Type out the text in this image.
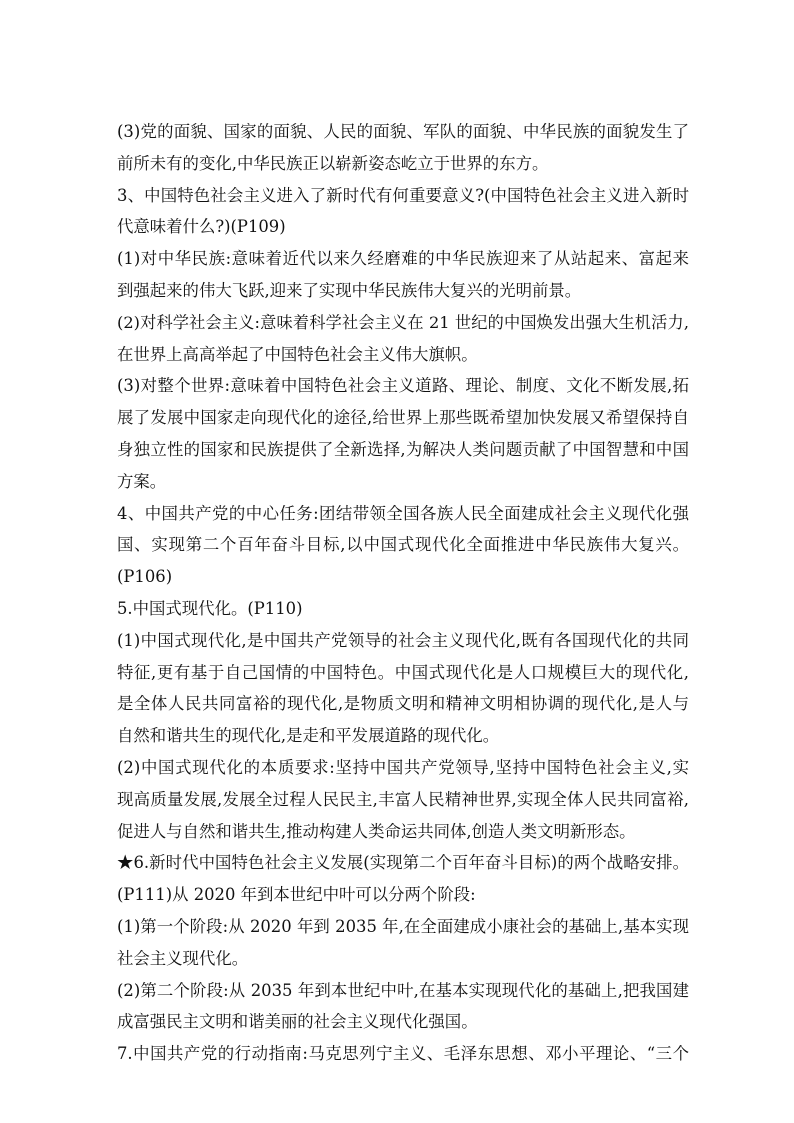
(3)党的面貌、国家的面貌、人民的面貌、军队的面貌、中华民族的面貌发生了
前所未有的变化,中华民族正以崭新姿态屹立于世界的东方。
3、中国特色社会主义进入了新时代有何重要意义?(中国特色社会主义进入新时
代意味着什么?)(P109)
(1)对中华民族:意味着近代以来久经磨难的中华民族迎来了从站起来、富起来
到强起来的伟大飞跃,迎来了实现中华民族伟大复兴的光明前景。
(2)对科学社会主义:意味着科学社会主义在 21 世纪的中国焕发出强大生机活力,
在世界上高高举起了中国特色社会主义伟大旗帜。
(3)对整个世界:意味着中国特色社会主义道路、理论、制度、文化不断发展,拓
展了发展中国家走向现代化的途径,给世界上那些既希望加快发展又希望保持自
身独立性的国家和民族提供了全新选择,为解决人类问题贡献了中国智慧和中国
方案。
4、中国共产党的中心任务:团结带领全国各族人民全面建成社会主义现代化强
国、实现第二个百年奋斗目标,以中国式现代化全面推进中华民族伟大复兴。
(P106)
5.中国式现代化。(P110)
(1)中国式现代化,是中国共产党领导的社会主义现代化,既有各国现代化的共同
特征,更有基于自己国情的中国特色。中国式现代化是人口规模巨大的现代化,
是全体人民共同富裕的现代化,是物质文明和精神文明相协调的现代化,是人与
自然和谐共生的现代化,是走和平发展道路的现代化。
(2)中国式现代化的本质要求:坚持中国共产党领导,坚持中国特色社会主义,实
现高质量发展,发展全过程人民民主,丰富人民精神世界,实现全体人民共同富裕,
促进人与自然和谐共生,推动构建人类命运共同体,创造人类文明新形态。
★6.新时代中国特色社会主义发展(实现第二个百年奋斗目标)的两个战略安排。
(P111)从 2020 年到本世纪中叶可以分两个阶段:
(1)第一个阶段:从 2020 年到 2035 年,在全面建成小康社会的基础上,基本实现
社会主义现代化。
(2)第二个阶段:从 2035 年到本世纪中叶,在基本实现现代化的基础上,把我国建
成富强民主文明和谐美丽的社会主义现代化强国。
7.中国共产党的行动指南:马克思列宁主义、毛泽东思想、邓小平理论、“三个
